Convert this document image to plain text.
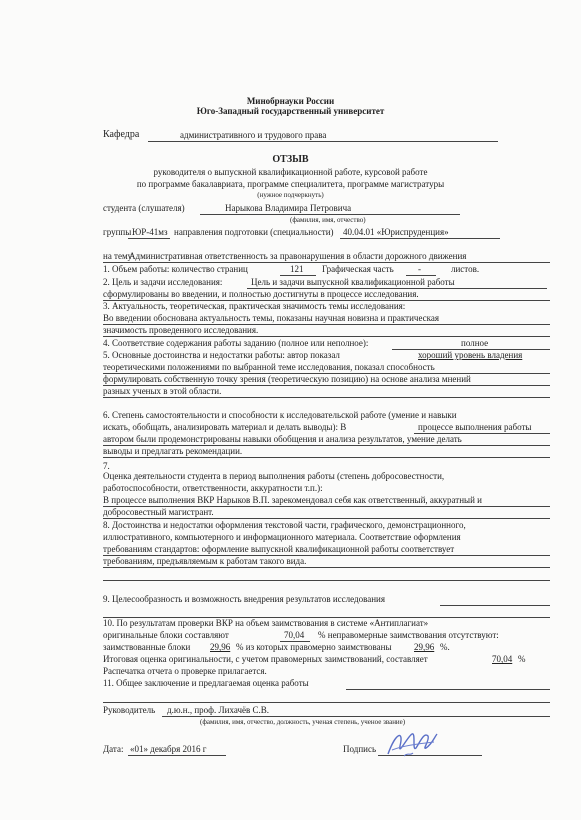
Минобрнауки России
Юго-Западный государственный университет
Кафедра	административного и трудового права
ОТЗЫВ
руководителя о выпускной квалификационной работе, курсовой работе
по программе бакалавриата, программе специалитета, программе магистратуры
(нужное подчеркнуть)
студента (слушателя)	Нарыкова Владимира Петровича
(фамилия, имя, отчество)
группы ЮР-41мз направления подготовки (специальности) 40.04.01 «Юриспруденция»
на тему
Административная ответственность за правонарушения в области дорожного движения
1. Объем работы: количество страниц	121 Графическая часть	-	листов.
2. Цель и задачи исследования:	Цель и задачи выпускной квалификационной работы
сформулированы во введении, и полностью достигнуты в процессе исследования.
3. Актуальность, теоретическая, практическая значимость темы исследования:
Во введении обоснована актуальность темы, показаны научная новизна и практическая
значимость проведенного исследования.
4. Соответствие содержания работы заданию (полное или неполное):	полное
5. Основные достоинства и недостатки работы: автор показал	хороший уровень владения
теоретическими положениями по выбранной теме исследования, показал способность
формулировать собственную точку зрения (теоретическую позицию) на основе анализа мнений
разных ученых в этой области.
6. Степень самостоятельности и способности к исследовательской работе (умение и навыки
искать, обобщать, анализировать материал и делать выводы): В	процессе выполнения работы
автором были продемонстрированы навыки обобщения и анализа результатов, умение делать
выводы и предлагать рекомендации.
7.
Оценка деятельности студента в период выполнения работы (степень добросовестности,
работоспособности, ответственности, аккуратности т.п.):
В процессе выполнения ВКР Нарыков В.П. зарекомендовал себя как ответственный, аккуратный и
добросовестный магистрант.
8. Достоинства и недостатки оформления текстовой части, графического, демонстрационного,
иллюстративного, компьютерного и информационного материала. Соответствие оформления
требованиям стандартов: оформление выпускной квалификационной работы соответствует
требованиям, предъявляемым к работам такого вида.
9. Целесообразность и возможность внедрения результатов исследования
10. По результатам проверки ВКР на объем заимствования в системе «Антиплагиат»
оригинальные блоки составляют	70,04 % неправомерные заимствования отсутствуют:
заимствованные блоки 29,96 % из которых правомерно заимствованы 29,96 %.
Итоговая оценка оригинальности, с учетом правомерных заимствований, составляет	70,04 %
Распечатка отчета о проверке прилагается.
11. Общее заключение и предлагаемая оценка работы
Руководитель д.ю.н., проф. Лихачёв С.В.
(фамилия, имя, отчество, должность, ученая степень, ученое звание)
Дата: «01» декабря 2016 г	Подпись
